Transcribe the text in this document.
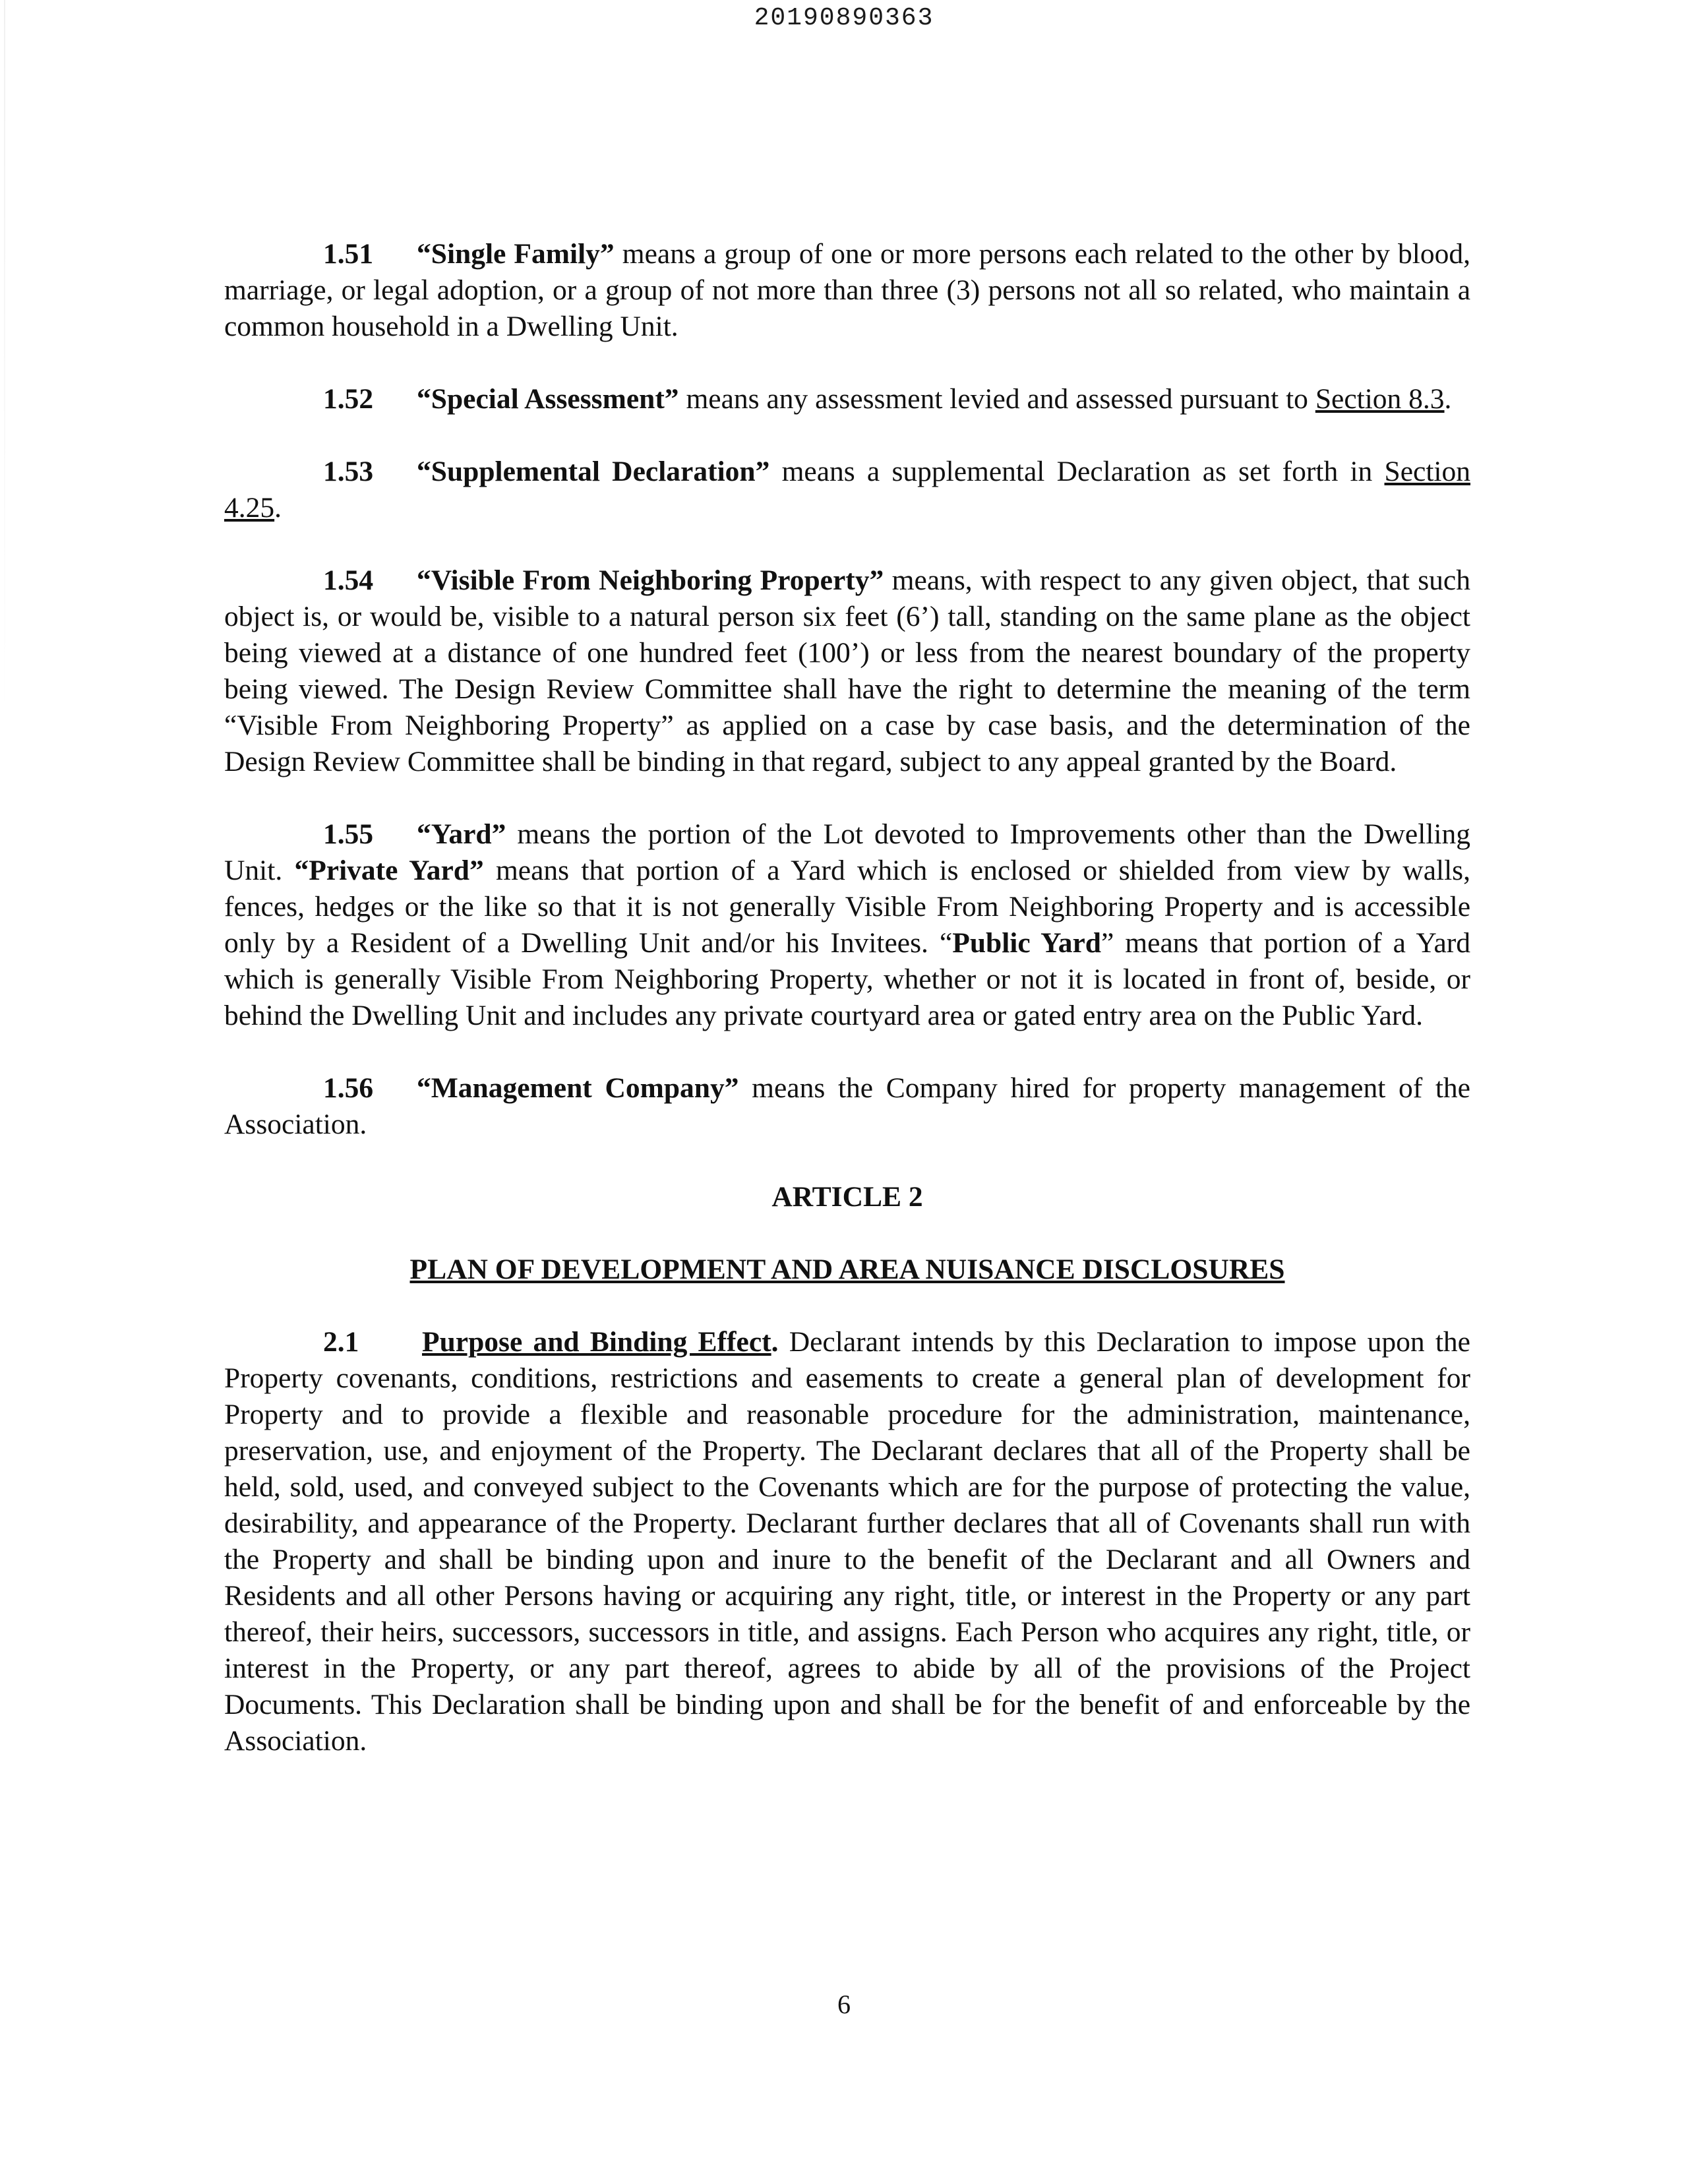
20190890363

1.51 “Single Family” means a group of one or more persons each related to the other by blood, marriage, or legal adoption, or a group of not more than three (3) persons not all so related, who maintain a common household in a Dwelling Unit.

1.52 “Special Assessment” means any assessment levied and assessed pursuant to Section 8.3.

1.53 “Supplemental Declaration” means a supplemental Declaration as set forth in Section 4.25.

1.54 “Visible From Neighboring Property” means, with respect to any given object, that such object is, or would be, visible to a natural person six feet (6’) tall, standing on the same plane as the object being viewed at a distance of one hundred feet (100’) or less from the nearest boundary of the property being viewed. The Design Review Committee shall have the right to determine the meaning of the term “Visible From Neighboring Property” as applied on a case by case basis, and the determination of the Design Review Committee shall be binding in that regard, subject to any appeal granted by the Board.

1.55 “Yard” means the portion of the Lot devoted to Improvements other than the Dwelling Unit. “Private Yard” means that portion of a Yard which is enclosed or shielded from view by walls, fences, hedges or the like so that it is not generally Visible From Neighboring Property and is accessible only by a Resident of a Dwelling Unit and/or his Invitees. “Public Yard” means that portion of a Yard which is generally Visible From Neighboring Property, whether or not it is located in front of, beside, or behind the Dwelling Unit and includes any private courtyard area or gated entry area on the Public Yard.

1.56 “Management Company” means the Company hired for property management of the Association.

ARTICLE 2

PLAN OF DEVELOPMENT AND AREA NUISANCE DISCLOSURES

2.1 Purpose and Binding Effect. Declarant intends by this Declaration to impose upon the Property covenants, conditions, restrictions and easements to create a general plan of development for Property and to provide a flexible and reasonable procedure for the administration, maintenance, preservation, use, and enjoyment of the Property. The Declarant declares that all of the Property shall be held, sold, used, and conveyed subject to the Covenants which are for the purpose of protecting the value, desirability, and appearance of the Property. Declarant further declares that all of Covenants shall run with the Property and shall be binding upon and inure to the benefit of the Declarant and all Owners and Residents and all other Persons having or acquiring any right, title, or interest in the Property or any part thereof, their heirs, successors, successors in title, and assigns. Each Person who acquires any right, title, or interest in the Property, or any part thereof, agrees to abide by all of the provisions of the Project Documents. This Declaration shall be binding upon and shall be for the benefit of and enforceable by the Association.

6
